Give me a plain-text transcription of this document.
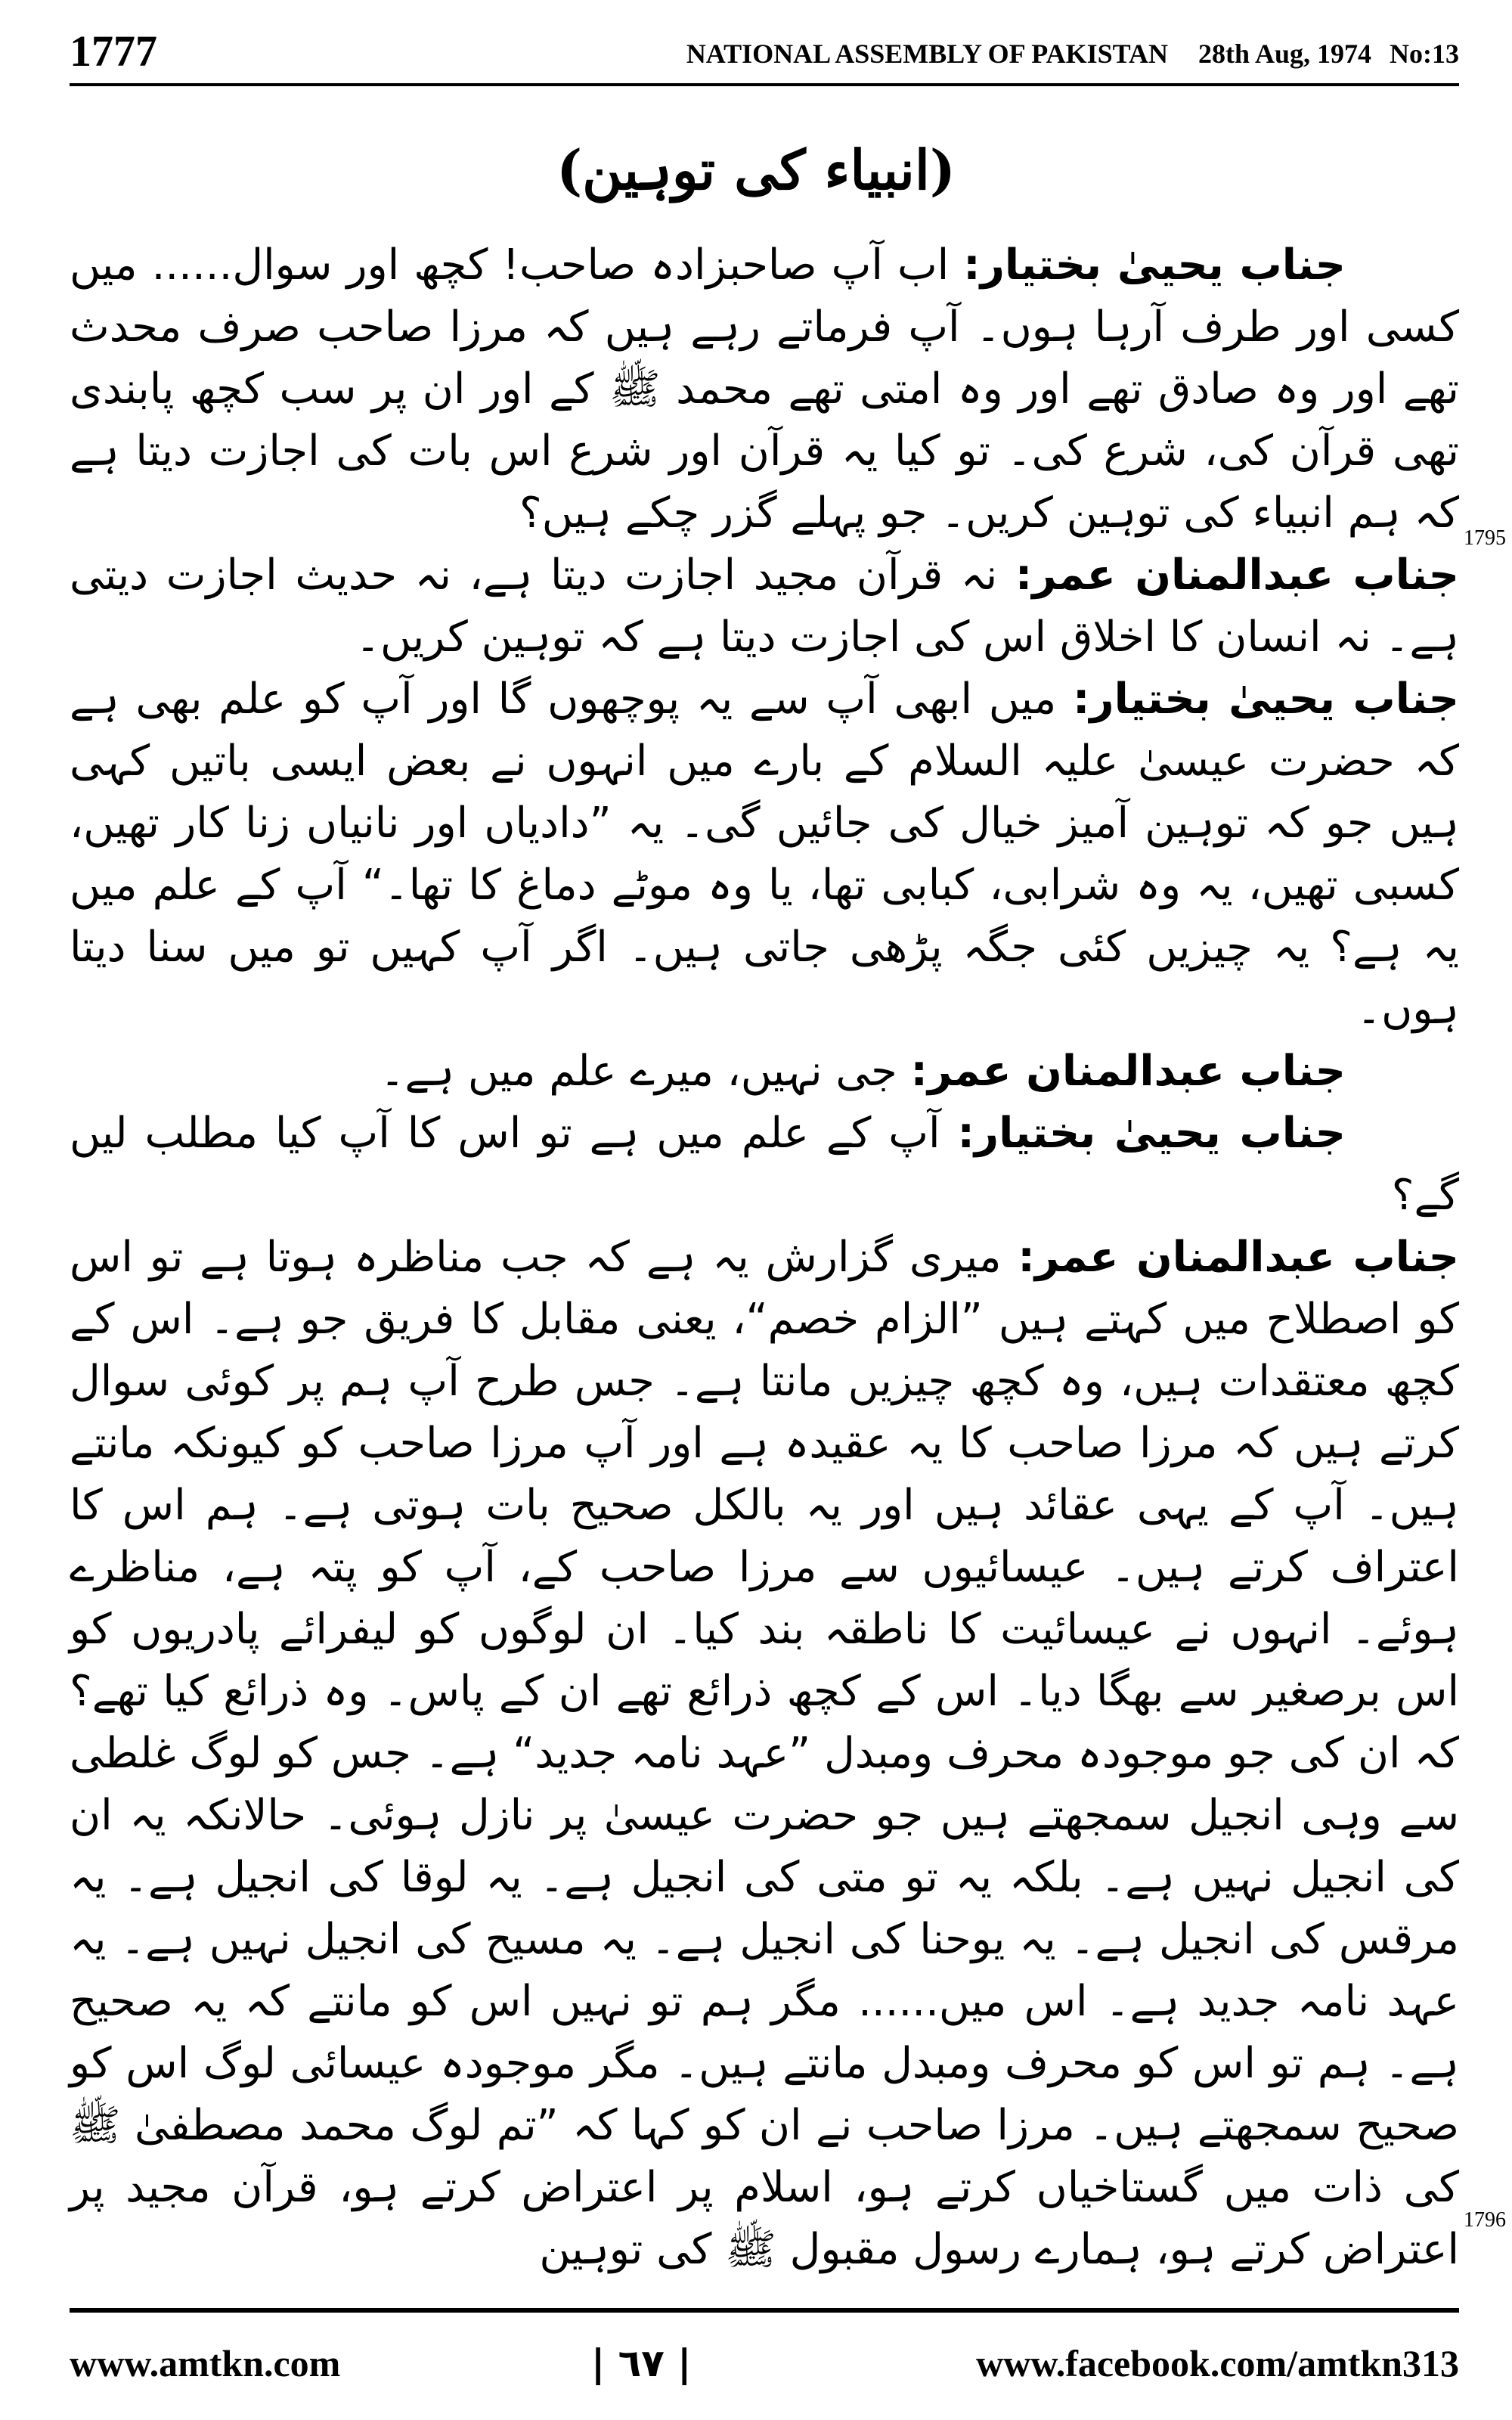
1777	NATIONAL ASSEMBLY OF PAKISTAN 28th Aug, 1974 No:13
(انبیاء کی توہین)

جناب یحییٰ بختیار: اب آپ صاحبزادہ صاحب! کچھ اور سوال...... میں کسی اور طرف آرہا ہوں۔ آپ فرماتے رہے ہیں کہ مرزا صاحب صرف محدث تھے اور وہ صادق تھے اور وہ امتی تھے محمد ﷺ کے اور ان پر سب کچھ پابندی تھی قرآن کی، شرع کی۔ تو کیا یہ قرآن اور شرع اس بات کی اجازت دیتا ہے کہ ہم انبیاء کی توہین کریں۔ جو پہلے گزر چکے ہیں؟

1795
جناب عبدالمنان عمر: نہ قرآن مجید اجازت دیتا ہے، نہ حدیث اجازت دیتی ہے۔ نہ انسان کا اخلاق اس کی اجازت دیتا ہے کہ توہین کریں۔

جناب یحییٰ بختیار: میں ابھی آپ سے یہ پوچھوں گا اور آپ کو علم بھی ہے کہ حضرت عیسیٰ علیہ السلام کے بارے میں انہوں نے بعض ایسی باتیں کہی ہیں جو کہ توہین آمیز خیال کی جائیں گی۔ یہ ”دادیاں اور نانیاں زنا کار تھیں، کسبی تھیں، یہ وہ شرابی، کبابی تھا، یا وہ موٹے دماغ کا تھا۔“ آپ کے علم میں یہ ہے؟ یہ چیزیں کئی جگہ پڑھی جاتی ہیں۔ اگر آپ کہیں تو میں سنا دیتا ہوں۔

جناب عبدالمنان عمر: جی نہیں، میرے علم میں ہے۔

جناب یحییٰ بختیار: آپ کے علم میں ہے تو اس کا آپ کیا مطلب لیں گے؟

1796
جناب عبدالمنان عمر: میری گزارش یہ ہے کہ جب مناظرہ ہوتا ہے تو اس کو اصطلاح میں کہتے ہیں ”الزام خصم“، یعنی مقابل کا فریق جو ہے۔ اس کے کچھ معتقدات ہیں، وہ کچھ چیزیں مانتا ہے۔ جس طرح آپ ہم پر کوئی سوال کرتے ہیں کہ مرزا صاحب کا یہ عقیدہ ہے اور آپ مرزا صاحب کو کیونکہ مانتے ہیں۔ آپ کے یہی عقائد ہیں اور یہ بالکل صحیح بات ہوتی ہے۔ ہم اس کا اعتراف کرتے ہیں۔ عیسائیوں سے مرزا صاحب کے، آپ کو پتہ ہے، مناظرے ہوئے۔ انہوں نے عیسائیت کا ناطقہ بند کیا۔ ان لوگوں کو لیفرائے پادریوں کو اس برصغیر سے بھگا دیا۔ اس کے کچھ ذرائع تھے ان کے پاس۔ وہ ذرائع کیا تھے؟ کہ ان کی جو موجودہ محرف ومبدل ”عہد نامہ جدید“ ہے۔ جس کو لوگ غلطی سے وہی انجیل سمجھتے ہیں جو حضرت عیسیٰ پر نازل ہوئی۔ حالانکہ یہ ان کی انجیل نہیں ہے۔ بلکہ یہ تو متی کی انجیل ہے۔ یہ لوقا کی انجیل ہے۔ یہ مرقس کی انجیل ہے۔ یہ یوحنا کی انجیل ہے۔ یہ مسیح کی انجیل نہیں ہے۔ یہ عہد نامہ جدید ہے۔ اس میں...... مگر ہم تو نہیں اس کو مانتے کہ یہ صحیح ہے۔ ہم تو اس کو محرف ومبدل مانتے ہیں۔ مگر موجودہ عیسائی لوگ اس کو صحیح سمجھتے ہیں۔ مرزا صاحب نے ان کو کہا کہ ”تم لوگ محمد مصطفیٰ ﷺ کی ذات میں گستاخیاں کرتے ہو، اسلام پر اعتراض کرتے ہو، قرآن مجید پر اعتراض کرتے ہو، ہمارے رسول مقبول ﷺ کی توہین

www.amtkn.com	| ٦٧ |	www.facebook.com/amtkn313
